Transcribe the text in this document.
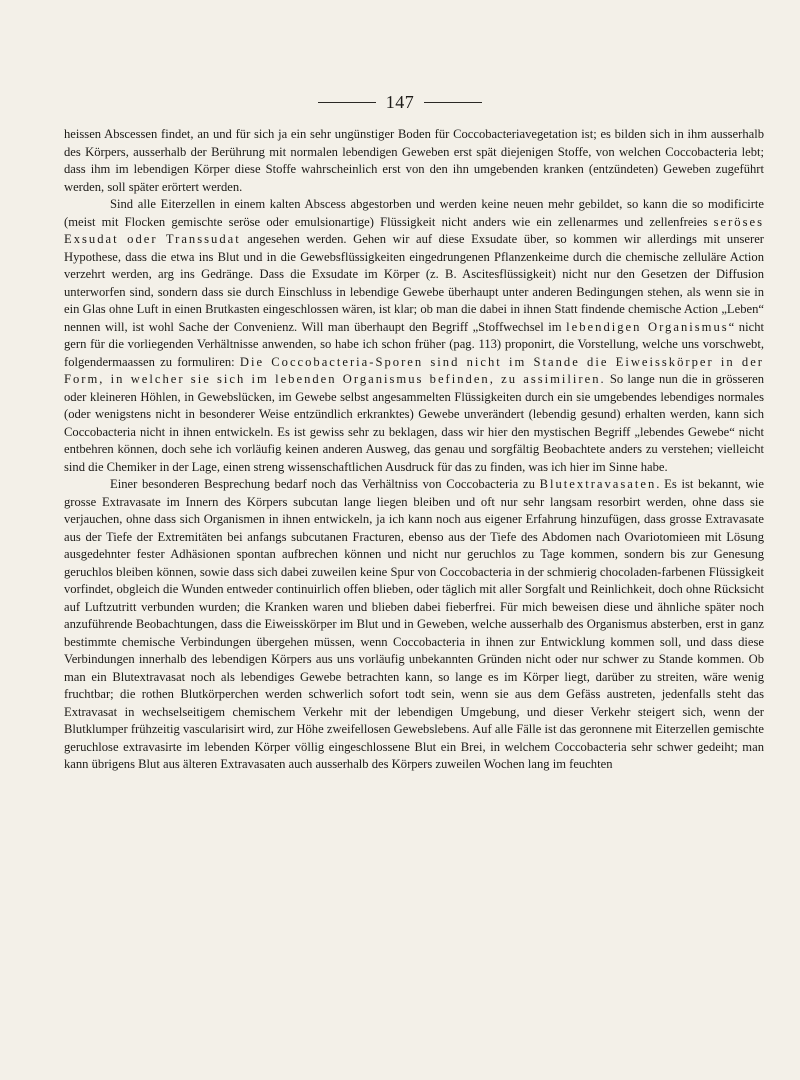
147

heissen Abscessen findet, an und für sich ja ein sehr ungünstiger Boden für Coccobacteriavegetation ist; es bilden sich in ihm ausserhalb des Körpers, ausserhalb der Berührung mit normalen lebendigen Geweben erst spät diejenigen Stoffe, von welchen Coccobacteria lebt; dass ihm im lebendigen Körper diese Stoffe wahrscheinlich erst von den ihn umgebenden kranken (entzündeten) Geweben zugeführt werden, soll später erörtert werden.

Sind alle Eiterzellen in einem kalten Abscess abgestorben und werden keine neuen mehr gebildet, so kann die so modificirte (meist mit Flocken gemischte seröse oder emulsionartige) Flüssigkeit nicht anders wie ein zellenarmes und zellenfreies seröses Exsudat oder Transsudat angesehen werden. Gehen wir auf diese Exsudate über, so kommen wir allerdings mit unserer Hypothese, dass die etwa ins Blut und in die Gewebsflüssigkeiten eingedrungenen Pflanzenkeime durch die chemische zelluläre Action verzehrt werden, arg ins Gedränge. Dass die Exsudate im Körper (z. B. Ascitesflüssigkeit) nicht nur den Gesetzen der Diffusion unterworfen sind, sondern dass sie durch Einschluss in lebendige Gewebe überhaupt unter anderen Bedingungen stehen, als wenn sie in ein Glas ohne Luft in einen Brutkasten eingeschlossen wären, ist klar; ob man die dabei in ihnen Statt findende chemische Action „Leben“ nennen will, ist wohl Sache der Convenienz. Will man überhaupt den Begriff „Stoffwechsel im lebendigen Organismus“ nicht gern für die vorliegenden Verhältnisse anwenden, so habe ich schon früher (pag. 113) proponirt, die Vorstellung, welche uns vorschwebt, folgendermaassen zu formuliren: Die Coccobacteria-Sporen sind nicht im Stande die Eiweisskörper in der Form, in welcher sie sich im lebenden Organismus befinden, zu assimiliren. So lange nun die in grösseren oder kleineren Höhlen, in Gewebslücken, im Gewebe selbst angesammelten Flüssigkeiten durch ein sie umgebendes lebendiges normales (oder wenigstens nicht in besonderer Weise entzündlich erkranktes) Gewebe unverändert (lebendig gesund) erhalten werden, kann sich Coccobacteria nicht in ihnen entwickeln. Es ist gewiss sehr zu beklagen, dass wir hier den mystischen Begriff „lebendes Gewebe“ nicht entbehren können, doch sehe ich vorläufig keinen anderen Ausweg, das genau und sorgfältig Beobachtete anders zu verstehen; vielleicht sind die Chemiker in der Lage, einen streng wissenschaftlichen Ausdruck für das zu finden, was ich hier im Sinne habe.

Einer besonderen Besprechung bedarf noch das Verhältniss von Coccobacteria zu Blutextravasaten. Es ist bekannt, wie grosse Extravasate im Innern des Körpers subcutan lange liegen bleiben und oft nur sehr langsam resorbirt werden, ohne dass sie verjauchen, ohne dass sich Organismen in ihnen entwickeln, ja ich kann noch aus eigener Erfahrung hinzufügen, dass grosse Extravasate aus der Tiefe der Extremitäten bei anfangs subcutanen Fracturen, ebenso aus der Tiefe des Abdomen nach Ovariotomieen mit Lösung ausgedehnter fester Adhäsionen spontan aufbrechen können und nicht nur geruchlos zu Tage kommen, sondern bis zur Genesung geruchlos bleiben können, sowie dass sich dabei zuweilen keine Spur von Coccobacteria in der schmierig chocoladen-farbenen Flüssigkeit vorfindet, obgleich die Wunden entweder continuirlich offen blieben, oder täglich mit aller Sorgfalt und Reinlichkeit, doch ohne Rücksicht auf Luftzutritt verbunden wurden; die Kranken waren und blieben dabei fieberfrei. Für mich beweisen diese und ähnliche später noch anzuführende Beobachtungen, dass die Eiweisskörper im Blut und in Geweben, welche ausserhalb des Organismus absterben, erst in ganz bestimmte chemische Verbindungen übergehen müssen, wenn Coccobacteria in ihnen zur Entwicklung kommen soll, und dass diese Verbindungen innerhalb des lebendigen Körpers aus uns vorläufig unbekannten Gründen nicht oder nur schwer zu Stande kommen. Ob man ein Blutextravasat noch als lebendiges Gewebe betrachten kann, so lange es im Körper liegt, darüber zu streiten, wäre wenig fruchtbar; die rothen Blutkörperchen werden schwerlich sofort todt sein, wenn sie aus dem Gefäss austreten, jedenfalls steht das Extravasat in wechselseitigem chemischem Verkehr mit der lebendigen Umgebung, und dieser Verkehr steigert sich, wenn der Blutklumper frühzeitig vascularisirt wird, zur Höhe zweifellosen Gewebslebens. Auf alle Fälle ist das geronnene mit Eiterzellen gemischte geruchlose extravasirte im lebenden Körper völlig eingeschlossene Blut ein Brei, in welchem Coccobacteria sehr schwer gedeiht; man kann übrigens Blut aus älteren Extravasaten auch ausserhalb des Körpers zuweilen Wochen lang im feuchten
